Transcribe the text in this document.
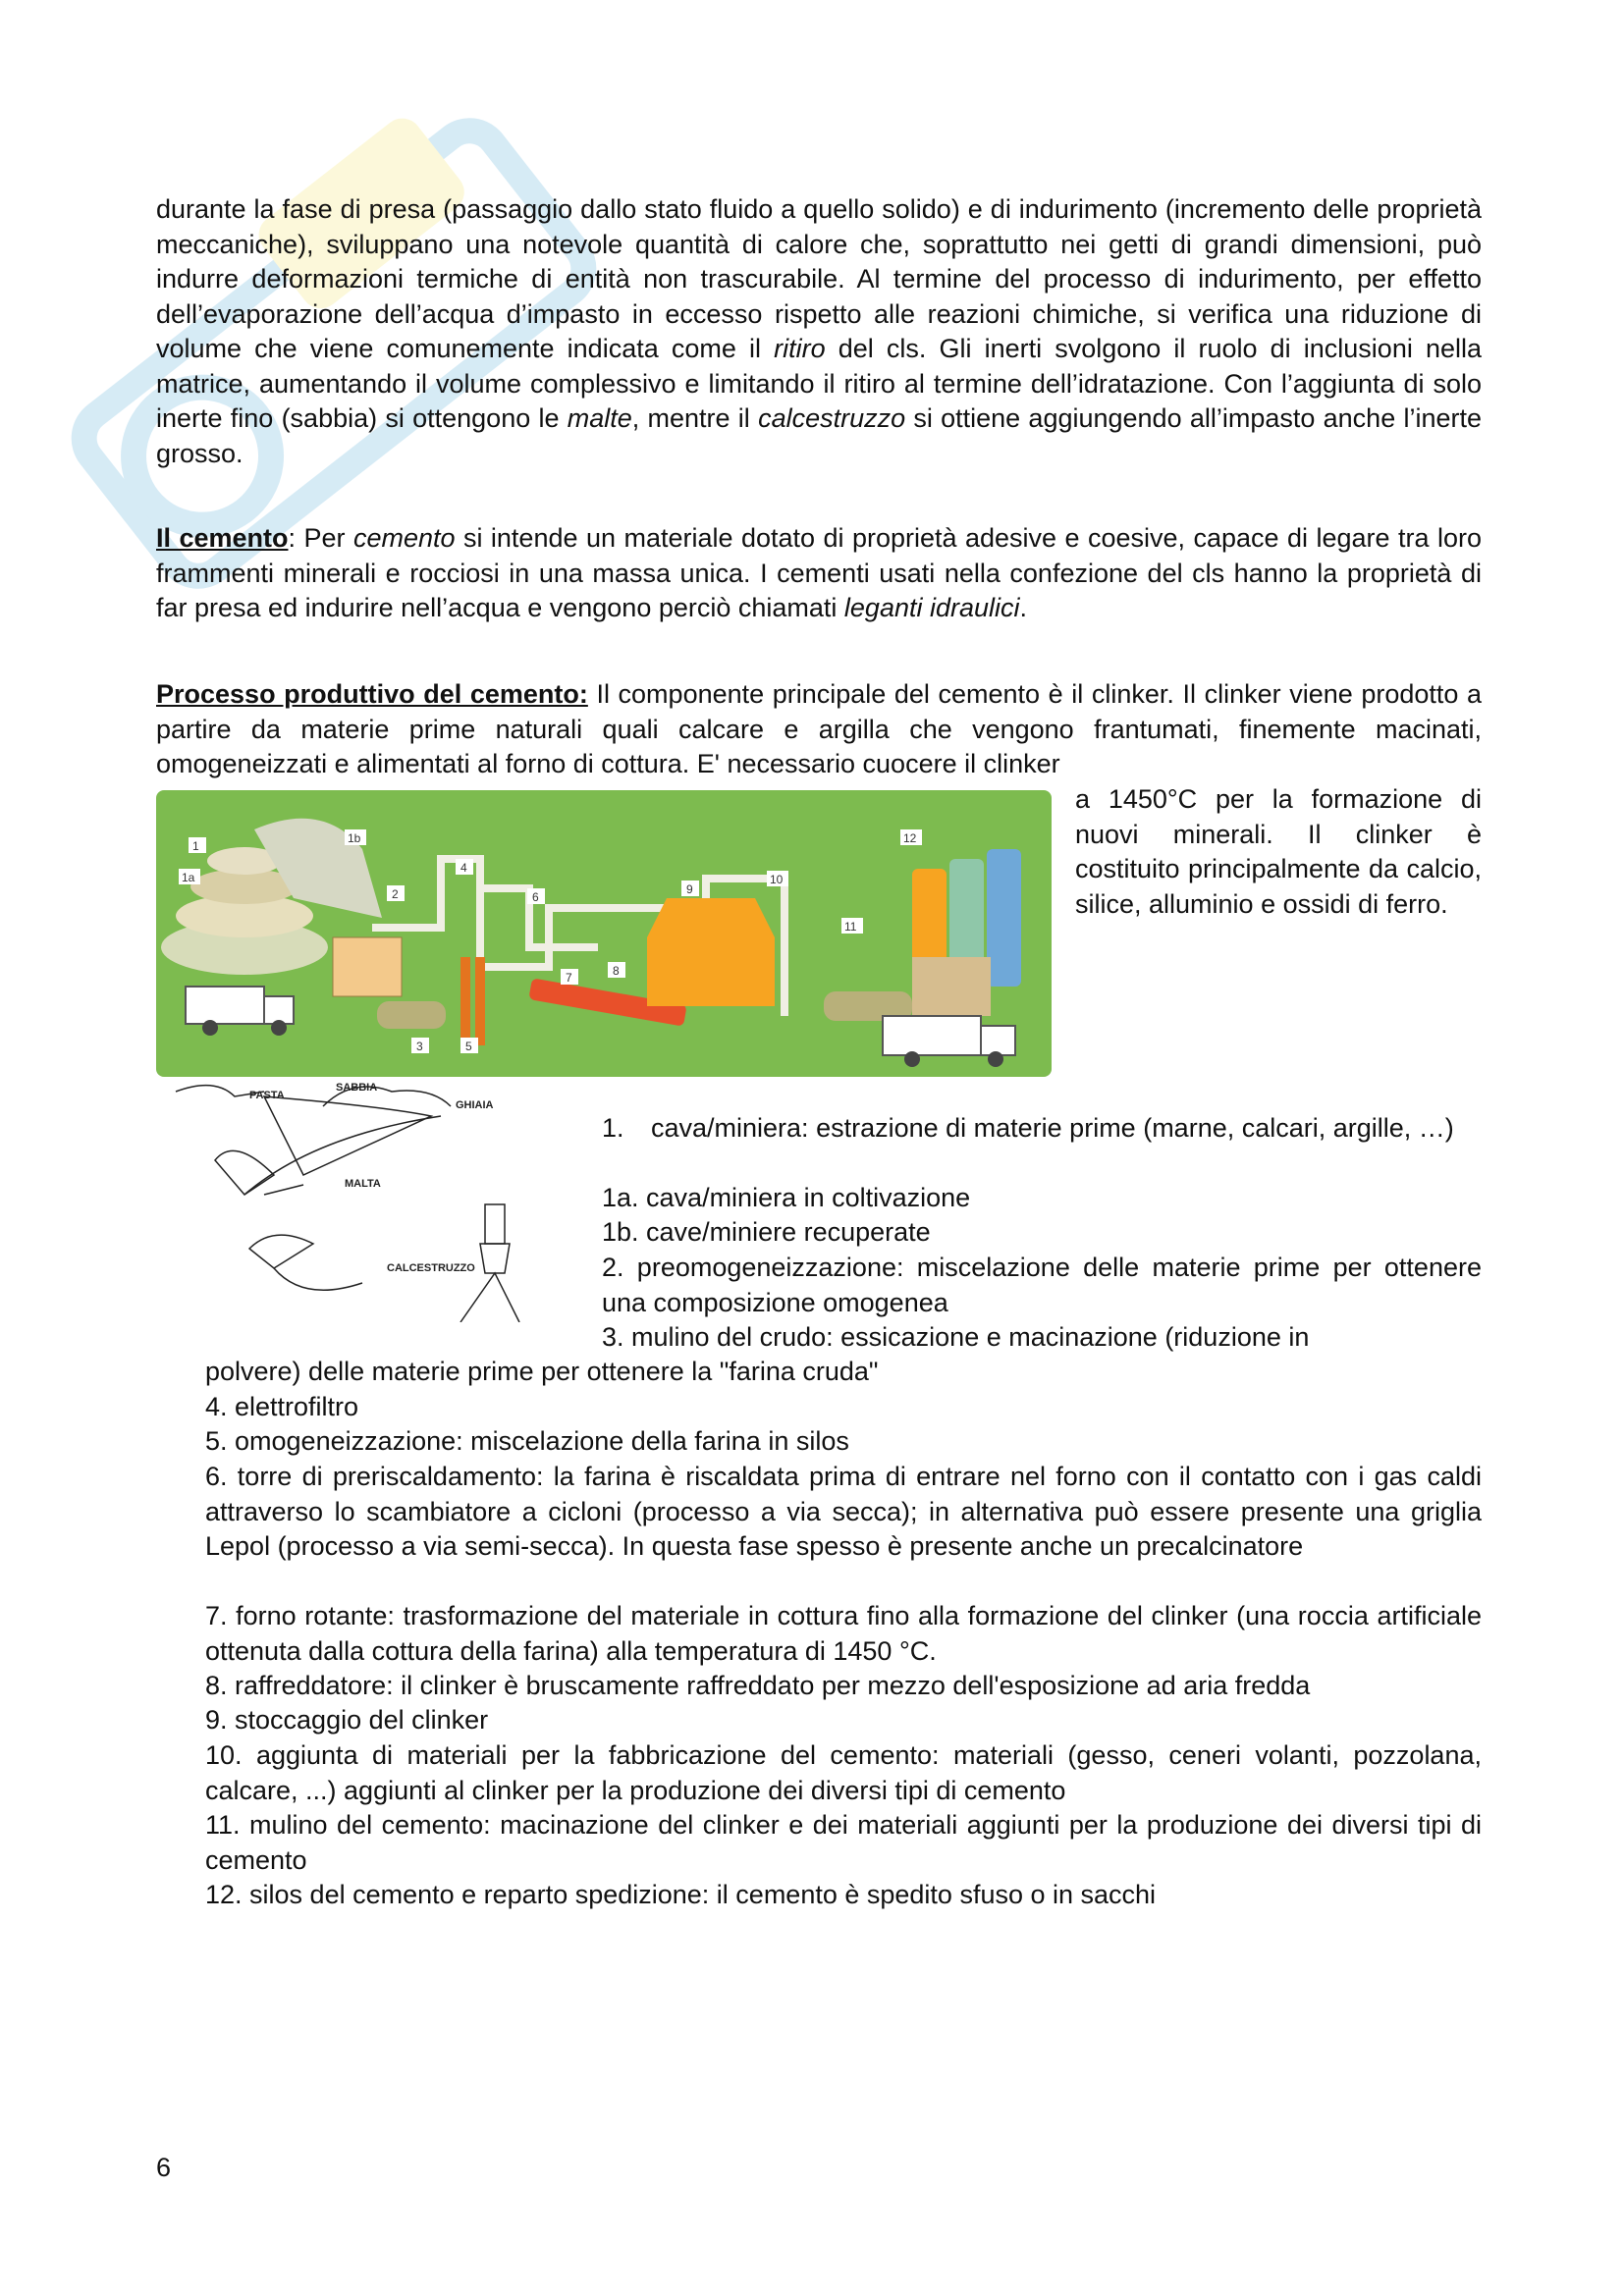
durante la fase di presa (passaggio dallo stato fluido a quello solido) e di indurimento (incremento delle proprietà meccaniche), sviluppano una notevole quantità di calore che, soprattutto nei getti di grandi dimensioni, può indurre deformazioni termiche di entità non trascurabile. Al termine del processo di indurimento, per effetto dell’evaporazione dell’acqua d’impasto in eccesso rispetto alle reazioni chimiche, si verifica una riduzione di volume che viene comunemente indicata come il ritiro del cls. Gli inerti svolgono il ruolo di inclusioni nella matrice, aumentando il volume complessivo e limitando il ritiro al termine dell’idratazione. Con l’aggiunta di solo inerte fino (sabbia) si ottengono le malte, mentre il calcestruzzo si ottiene aggiungendo all’impasto anche l’inerte grosso.
Il cemento: Per cemento si intende un materiale dotato di proprietà adesive e coesive, capace di legare tra loro frammenti minerali e rocciosi in una massa unica. I cementi usati nella confezione del cls hanno la proprietà di far presa ed indurire nell’acqua e vengono perciò chiamati leganti idraulici.
Processo produttivo del cemento: Il componente principale del cemento è il clinker. Il clinker viene prodotto a partire da materie prime naturali quali calcare e argilla che vengono frantumati, finemente macinati, omogeneizzati e alimentati al forno di cottura. E' necessario cuocere il clinker
a 1450°C per la formazione di nuovi minerali. Il clinker è costituito principalmente da calcio, silice, alluminio e ossidi di ferro.
1
1a
1b
2
3
4
5
6
7	8
9
10
11
12
PASTA
SABBIA
GHIAIA
MALTA
CALCESTRUZZO
1.	cava/miniera: estrazione di materie prime (marne, calcari, argille, …)
1a. cava/miniera in coltivazione
1b. cave/miniere recuperate
2. preomogeneizzazione: miscelazione delle materie prime per ottenere una composizione omogenea
3. mulino del crudo: essicazione e macinazione (riduzione in
polvere) delle materie prime per ottenere la "farina cruda"
4. elettrofiltro
5. omogeneizzazione: miscelazione della farina in silos
6. torre di preriscaldamento: la farina è riscaldata prima di entrare nel forno con il contatto con i gas caldi attraverso lo scambiatore a cicloni (processo a via secca); in alternativa può essere presente una griglia Lepol (processo a via semi-secca). In questa fase spesso è presente anche un precalcinatore
7. forno rotante: trasformazione del materiale in cottura fino alla formazione del clinker (una roccia artificiale ottenuta dalla cottura della farina) alla temperatura di 1450 °C.
8. raffreddatore: il clinker è bruscamente raffreddato per mezzo dell'esposizione ad aria fredda
9. stoccaggio del clinker
10. aggiunta di materiali per la fabbricazione del cemento: materiali (gesso, ceneri volanti, pozzolana, calcare, ...) aggiunti al clinker per la produzione dei diversi tipi di cemento
11. mulino del cemento: macinazione del clinker e dei materiali aggiunti per la produzione dei diversi tipi di cemento
12. silos del cemento e reparto spedizione: il cemento è spedito sfuso o in sacchi
6
